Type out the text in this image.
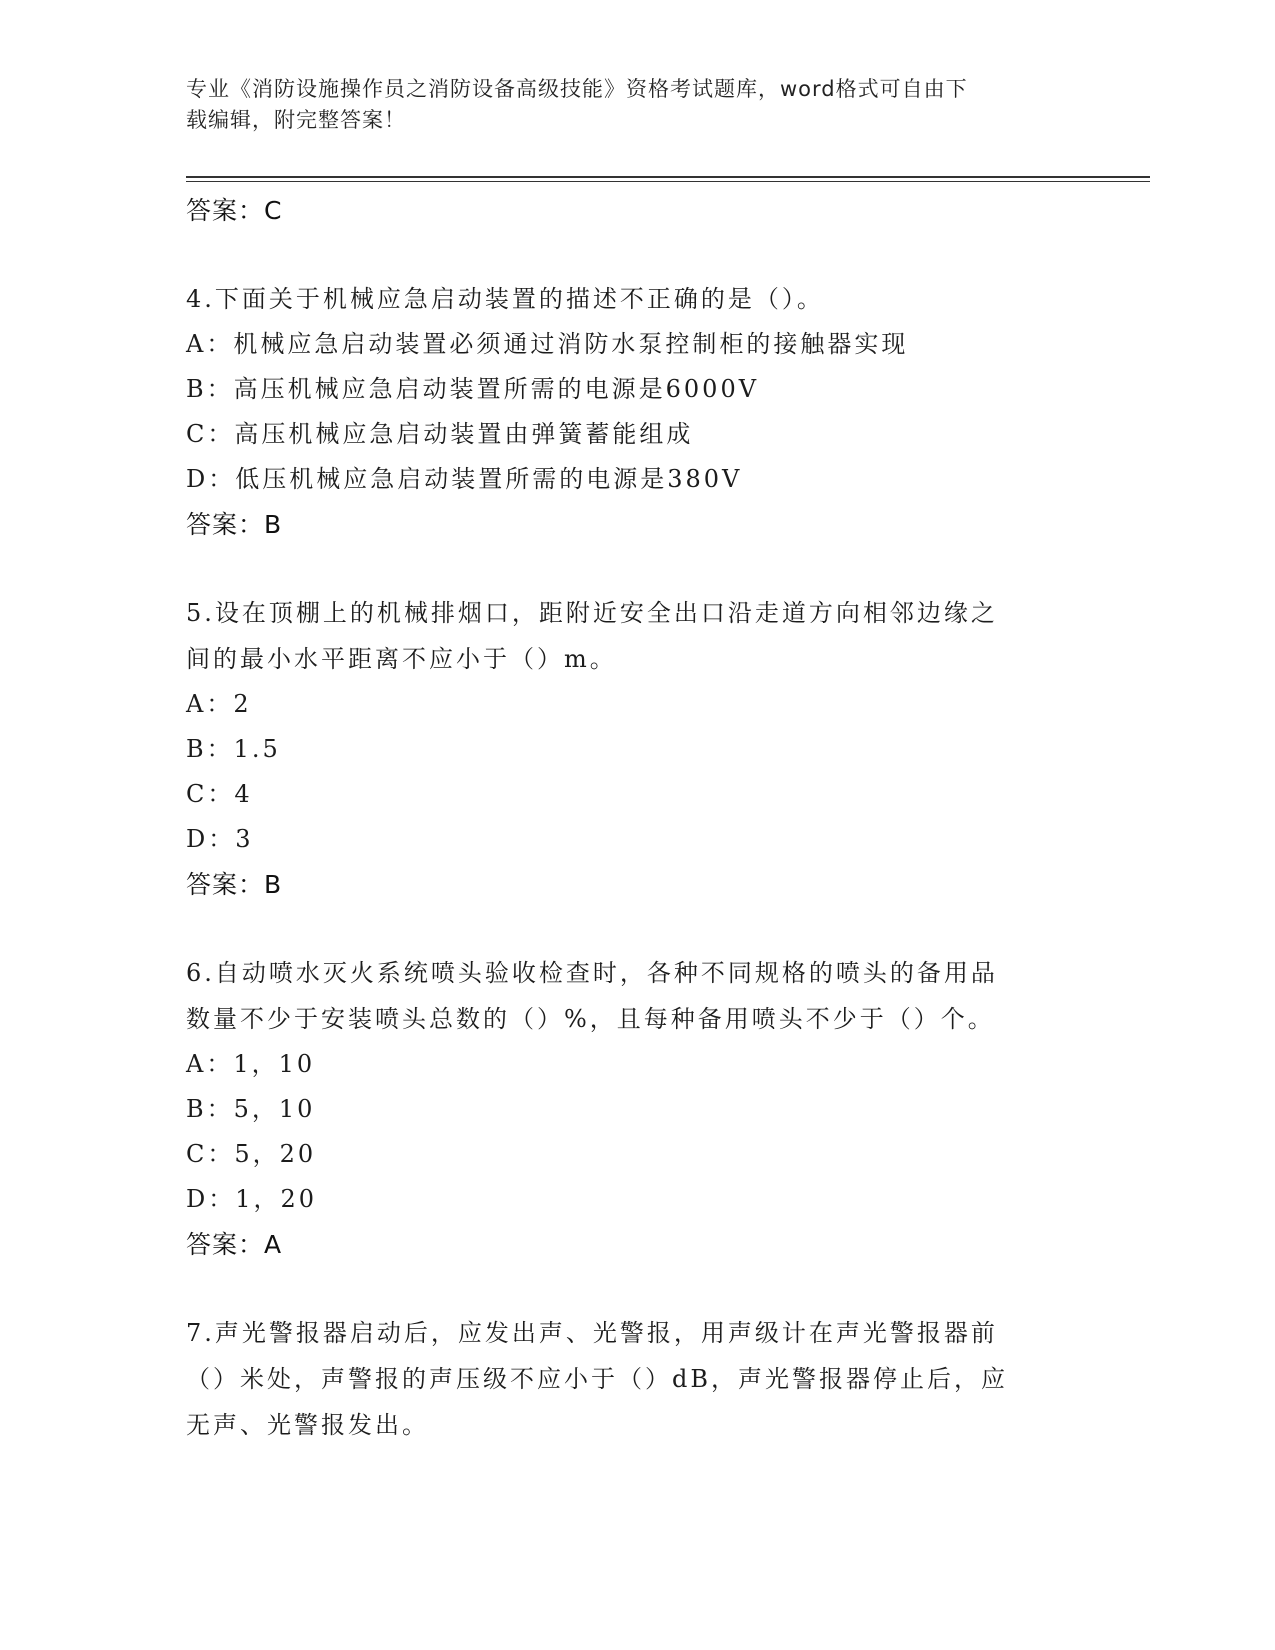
专业《消防设施操作员之消防设备高级技能》资格考试题库，word格式可自由下
载编辑，附完整答案！
答案：C
4.下面关于机械应急启动装置的描述不正确的是（）。
A：机械应急启动装置必须通过消防水泵控制柜的接触器实现
B：高压机械应急启动装置所需的电源是6000V
C：高压机械应急启动装置由弹簧蓄能组成
D：低压机械应急启动装置所需的电源是380V
答案：B
5.设在顶棚上的机械排烟口，距附近安全出口沿走道方向相邻边缘之
间的最小水平距离不应小于（）m。
A：2
B：1.5
C：4
D：3
答案：B
6.自动喷水灭火系统喷头验收检查时，各种不同规格的喷头的备用品
数量不少于安装喷头总数的（）%，且每种备用喷头不少于（）个。
A：1，10
B：5，10
C：5，20
D：1，20
答案：A
7.声光警报器启动后，应发出声、光警报，用声级计在声光警报器前
（）米处，声警报的声压级不应小于（）dB，声光警报器停止后，应
无声、光警报发出。
